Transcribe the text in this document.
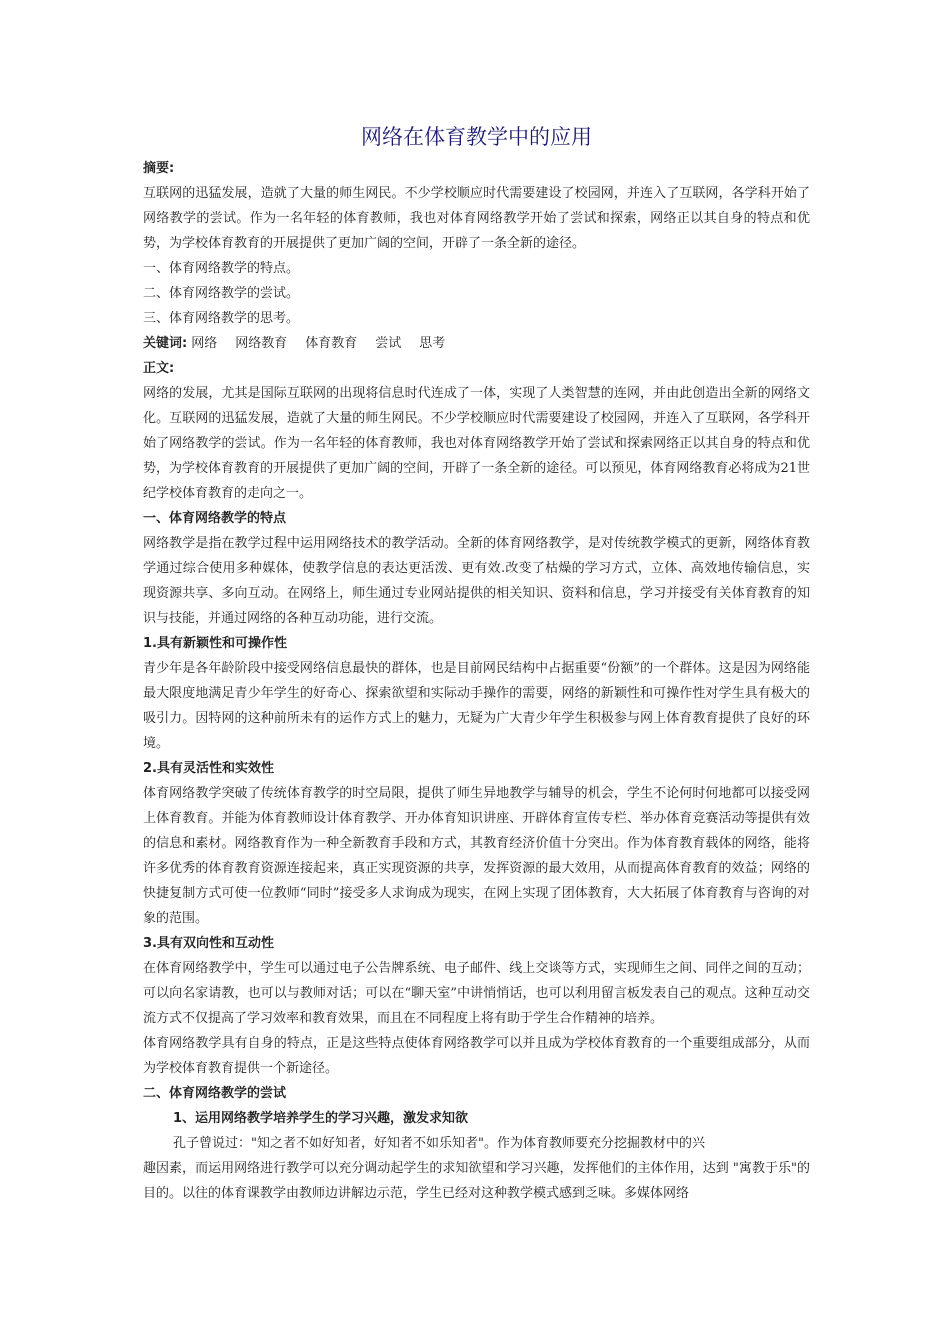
网络在体育教学中的应用

摘要:

互联网的迅猛发展，造就了大量的师生网民。不少学校顺应时代需要建设了校园网，并连入了互联网，各学科开始了网络教学的尝试。作为一名年轻的体育教师，我也对体育网络教学开始了尝试和探索，网络正以其自身的特点和优势，为学校体育教育的开展提供了更加广阔的空间，开辟了一条全新的途径。

一、体育网络教学的特点。

二、体育网络教学的尝试。

三、体育网络教学的思考。

关键词: 网络 网络教育 体育教育 尝试 思考

正文:

网络的发展，尤其是国际互联网的出现将信息时代连成了一体，实现了人类智慧的连网，并由此创造出全新的网络文化。互联网的迅猛发展，造就了大量的师生网民。不少学校顺应时代需要建设了校园网，并连入了互联网，各学科开始了网络教学的尝试。作为一名年轻的体育教师，我也对体育网络教学开始了尝试和探索网络正以其自身的特点和优势，为学校体育教育的开展提供了更加广阔的空间，开辟了一条全新的途径。可以预见，体育网络教育必将成为21世纪学校体育教育的走向之一。

一、体育网络教学的特点

网络教学是指在教学过程中运用网络技术的教学活动。全新的体育网络教学，是对传统教学模式的更新，网络体育教学通过综合使用多种媒体，使教学信息的表达更活泼、更有效.改变了枯燥的学习方式，立体、高效地传输信息，实现资源共享、多向互动。在网络上，师生通过专业网站提供的相关知识、资料和信息，学习并接受有关体育教育的知识与技能，并通过网络的各种互动功能，进行交流。

1.具有新颖性和可操作性

青少年是各年龄阶段中接受网络信息最快的群体，也是目前网民结构中占据重要“份额”的一个群体。这是因为网络能最大限度地满足青少年学生的好奇心、探索欲望和实际动手操作的需要，网络的新颖性和可操作性对学生具有极大的吸引力。因特网的这种前所未有的运作方式上的魅力，无疑为广大青少年学生积极参与网上体育教育提供了良好的环境。

2.具有灵活性和实效性

体育网络教学突破了传统体育教学的时空局限，提供了师生异地教学与辅导的机会，学生不论何时何地都可以接受网上体育教育。并能为体育教师设计体育教学、开办体育知识讲座、开辟体育宣传专栏、举办体育竞赛活动等提供有效的信息和素材。网络教育作为一种全新教育手段和方式，其教育经济价值十分突出。作为体育教育载体的网络，能将许多优秀的体育教育资源连接起来，真正实现资源的共享，发挥资源的最大效用，从而提高体育教育的效益；网络的快捷复制方式可使一位教师“同时”接受多人求询成为现实，在网上实现了团体教育，大大拓展了体育教育与咨询的对象的范围。

3.具有双向性和互动性

在体育网络教学中，学生可以通过电子公告牌系统、电子邮件、线上交谈等方式，实现师生之间、同伴之间的互动；可以向名家请教，也可以与教师对话；可以在“聊天室”中讲悄悄话，也可以利用留言板发表自己的观点。这种互动交流方式不仅提高了学习效率和教育效果，而且在不同程度上将有助于学生合作精神的培养。

体育网络教学具有自身的特点，正是这些特点使体育网络教学可以并且成为学校体育教育的一个重要组成部分，从而为学校体育教育提供一个新途径。

二、体育网络教学的尝试

1、运用网络教学培养学生的学习兴趣，激发求知欲

孔子曾说过："知之者不如好知者，好知者不如乐知者"。作为体育教师要充分挖掘教材中的兴

趣因素，而运用网络进行教学可以充分调动起学生的求知欲望和学习兴趣，发挥他们的主体作用，达到 "寓教于乐"的目的。以往的体育课教学由教师边讲解边示范，学生已经对这种教学模式感到乏味。多媒体网络
